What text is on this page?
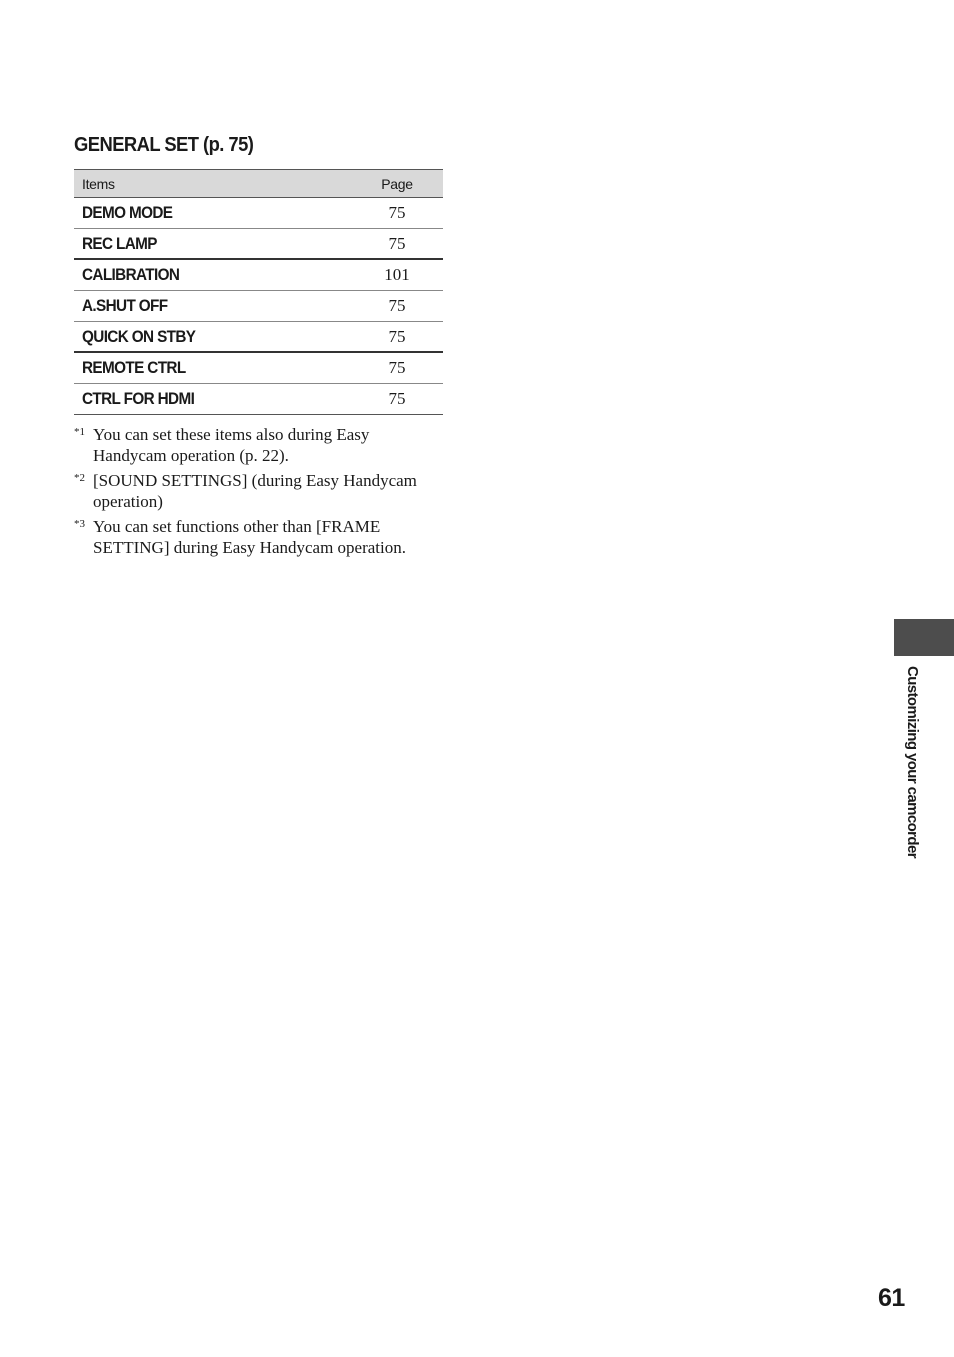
GENERAL SET (p. 75)
Items	Page
DEMO MODE	75
REC LAMP	75
CALIBRATION	101
A.SHUT OFF	75
QUICK ON STBY	75
REMOTE CTRL	75
CTRL FOR HDMI	75
*1 You can set these items also during Easy Handycam operation (p. 22).
*2 [SOUND SETTINGS] (during Easy Handycam operation)
*3 You can set functions other than [FRAME SETTING] during Easy Handycam operation.
Customizing your camcorder
61
